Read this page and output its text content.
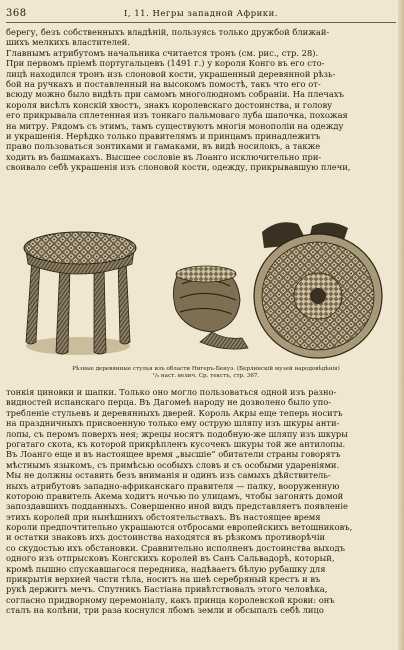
368	I, 11. Негры западной Африки.
берегу, безъ собственныхъ владѣній, пользуясь только дружбой ближай-
шихъ мелкихъ властителей.
Главнымъ атрибутомъ начальника считается тронъ (см. рис., стр. 28).
При первомъ пріемѣ португальцевъ (1491 г.) у короля Конго въ его сто-
лицѣ находился тронъ изъ слоновой кости, украшенный деревянной рѣзь-
бой на ручкахъ и поставленный на высокомъ помостѣ, такъ что его от-
всюду можно было видѣть при самомъ многолюдномъ собраніи. На плечахъ
короля висѣлъ конскій хвостъ, знакъ королевскаго достоинства, и голову
его прикрывала сплетенная изъ тонкаго пальмоваго луба шапочка, похожая
на митру. Рядомъ съ этимъ, тамъ существуютъ многія монополіи на одежду
и украшенія. Нерѣдко только правителямъ и принцамъ принадлежитъ
право пользоваться зонтиками и гамаками, въ видѣ носилокъ, а также
ходить въ башмакахъ. Высшее сословіе въ Лоанго исключительно при-
своивало себѣ украшенія изъ слоновой кости, одежду, прикрывавшую плечи,
Рѣзные деревянные стулья изъ области Нигеръ-Бенуэ. (Берлинскій музей народовѣдѣнія)
¹/₆ наст. велич. Ср. текстъ, стр. 367.
тонкія циновки и шапки. Только оно могло пользоваться одной изъ разно-
видностей испанскаго перца. Въ Дагомеѣ народу не дозволено было упо-
требленіе стульевъ и деревянныхъ дверей. Король Акры еще теперь носитъ
на праздничныхъ присвоенную только ему острую шляпу изъ шкуры анти-
лопы, съ перомъ поверхъ нея; жрецы носятъ подобную-же шляпу изъ шкуры
рогатаго скота, къ которой прикрѣпленъ кусочекъ шкуры той же антилопы.
Въ Лоанго еще и въ настоящее время „высшіе“ обитатели страны говорятъ
мѣстнымъ языкомъ, съ примѣсью особыхъ словъ и съ особыми удареніями.
Мы не должны оставить безъ вниманія и одинъ изъ самыхъ дѣйствитель-
ныхъ атрибутовъ западно-африканскаго правителя — палку, вооруженную
которою правитель Акема ходитъ ночью по улицамъ, чтобы загонять домой
запоздавшихъ подданныхъ. Совершенно иной видъ представляетъ появленіе
этихъ королей при нынѣшнихъ обстоятельствахъ. Въ настоящее время
короли предпочтительно украшаются отбросами европейскихъ ветошниковъ,
и остатки знаковъ ихъ достоинства находятся въ рѣзкомъ противорѣчіи
со скудостью ихъ обстановки. Сравнительно исполненъ достоинства выходъ
одного изъ отпрысковъ Конгскихъ королей въ Санъ Сальвадорѣ, который,
кромѣ пышно спускавшагося передника, надѣваетъ бѣлую рубашку для
прикрытія верхней части тѣла, носитъ на шеѣ серебряный крестъ и въ
рукѣ держитъ мечъ. Спутникъ Бастіана привѣтствовалъ этого человѣка,
согласно придворному церемоніалу, какъ принца королевской крови: онъ
сталъ на колѣни, три раза коснулся лбомъ земли и обсыпалъ себѣ лицо
